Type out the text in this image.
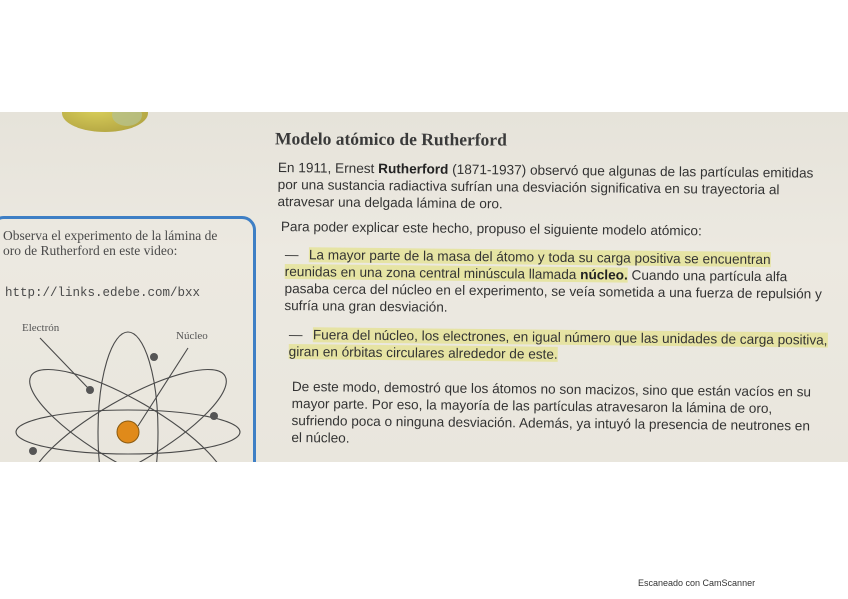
Observa el experimento de la lámina de oro de Rutherford en este video:
http://links.edebe.com/bxx
Electrón
Núcleo
Modelo atómico de Rutherford
En 1911, Ernest Rutherford (1871-1937) observó que algunas de las partículas emitidas por una sustancia radiactiva sufrían una desviación significativa en su trayectoria al atravesar una delgada lámina de oro.
Para poder explicar este hecho, propuso el siguiente modelo atómico:
— La mayor parte de la masa del átomo y toda su carga positiva se encuentran reunidas en una zona central minúscula llamada núcleo. Cuando una partícula alfa pasaba cerca del núcleo en el experimento, se veía sometida a una fuerza de repulsión y sufría una gran desviación.
— Fuera del núcleo, los electrones, en igual número que las unidades de carga positiva, giran en órbitas circulares alrededor de este.
De este modo, demostró que los átomos no son macizos, sino que están vacíos en su mayor parte. Por eso, la mayoría de las partículas atravesaron la lámina de oro, sufriendo poca o ninguna desviación. Además, ya intuyó la presencia de neutrones en el núcleo.
Escaneado con CamScanner
